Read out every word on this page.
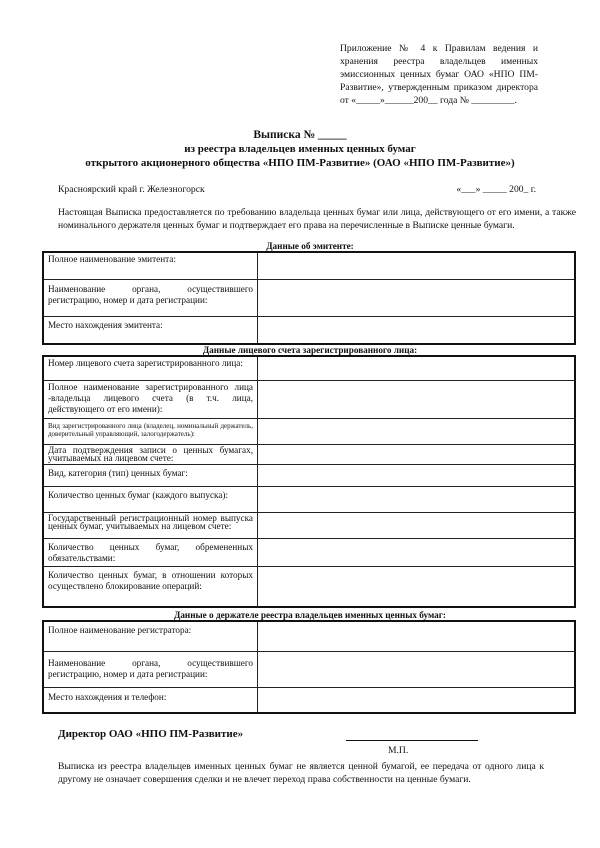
Приложение № 4 к Правилам ведения и хранения реестра владельцев именных эмиссионных ценных бумаг ОАО «НПО ПМ-Развитие», утвержденным приказом директора от «_____»______200__ года № _________.
Выписка № _____
из реестра владельцев именных ценных бумаг
открытого акционерного общества «НПО ПМ-Развитие» (ОАО «НПО ПМ-Развитие»)
Красноярский край г. Железногорск	«___» _____ 200_ г.
Настоящая Выписка предоставляется по требованию владельца ценных бумаг или лица, действующего от его имени, а также номинального держателя ценных бумаг и подтверждает его права на перечисленные в Выписке ценные бумаги.
Данные об эмитенте:
Полное наименование эмитента:	
Наименование органа, осуществившего регистрацию, номер и дата регистрации:	
Место нахождения эмитента:	
Данные лицевого счета зарегистрированного лица:
Номер лицевого счета зарегистрированного лица:	
Полное наименование зарегистрированного лица -владельца лицевого счета (в т.ч. лица, действующего от его имени):	
Вид зарегистрированного лица (владелец, номинальный держатель, доверительный управляющий, залогодержатель):	
Дата подтверждения записи о ценных бумагах, учитываемых на лицевом счете:	
Вид, категория (тип) ценных бумаг:	
Количество ценных бумаг (каждого выпуска):	
Государственный регистрационный номер выпуска ценных бумаг, учитываемых на лицевом счете:	
Количество ценных бумаг, обремененных обязательствами:	
Количество ценных бумаг, в отношении которых осуществлено блокирование операций:	
Данные о держателе реестра владельцев именных ценных бумаг:
Полное наименование регистратора:	
Наименование органа, осуществившего регистрацию, номер и дата регистрации:	
Место нахождения и телефон:	
Директор ОАО «НПО ПМ-Развитие»
М.П.
Выписка из реестра владельцев именных ценных бумаг не является ценной бумагой, ее передача от одного лица к другому не означает совершения сделки и не влечет переход права собственности на ценные бумаги.
